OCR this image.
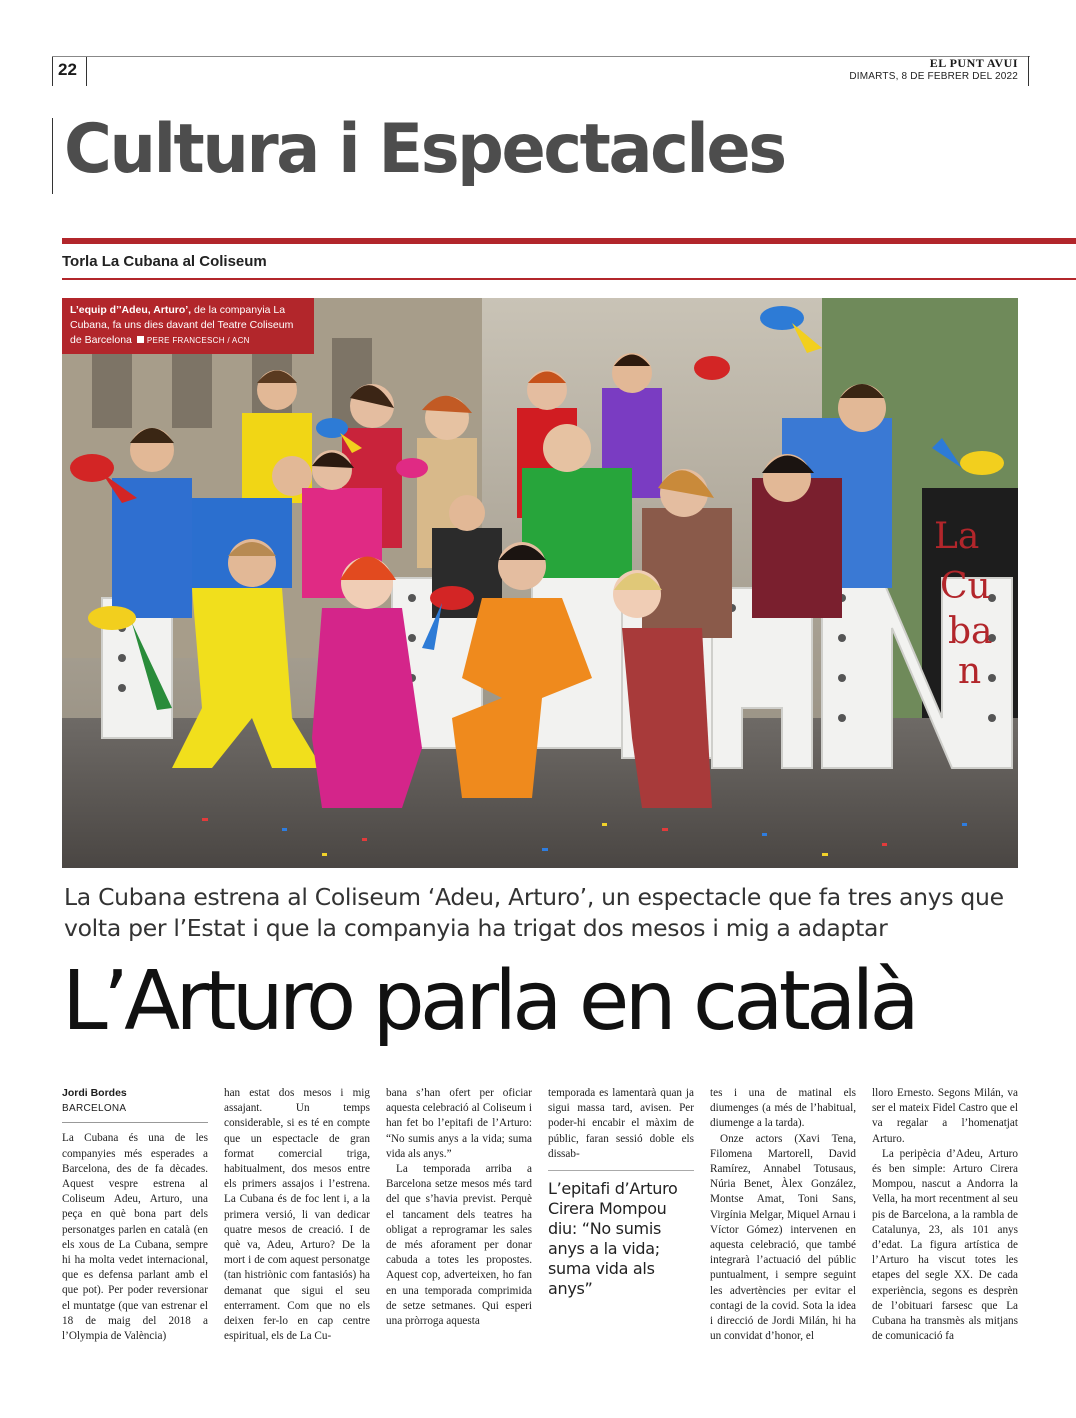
22	EL PUNT AVUI
DIMARTS, 8 DE FEBRER DEL 2022
Cultura i Espectacles
Torla La Cubana al Coliseum
La
Cu
ba
n
L’equip d’'Adeu, Arturo’, de la companyia La Cubana, fa uns dies davant del Teatre Coliseum de Barcelona PERE FRANCESCH / ACN
La Cubana estrena al Coliseum ‘Adeu, Arturo’, un espectacle que fa tres anys que volta per l’Estat i que la companyia ha trigat dos mesos i mig a adaptar
L’Arturo parla en català
Jordi Bordes
BARCELONA

La Cubana és una de les companyies més esperades a Barcelona, des de fa dècades. Aquest vespre estrena al Coliseum Adeu, Arturo, una peça en què bona part dels personatges parlen en català (en els xous de La Cubana, sempre hi ha molta vedet internacional, que es defensa parlant amb el que pot). Per poder reversionar el muntatge (que van estrenar el 18 de maig del 2018 a l’Olympia de València)

han estat dos mesos i mig assajant. Un temps considerable, si es té en compte que un espectacle de gran format comercial triga, habitualment, dos mesos entre els primers assajos i l’estrena. La Cubana és de foc lent i, a la primera versió, li van dedicar quatre mesos de creació. I de què va, Adeu, Arturo? De la mort i de com aquest personatge (tan histriònic com fantasiós) ha demanat que sigui el seu enterrament. Com que no els deixen fer-lo en cap centre espiritual, els de La Cu-

bana s’han ofert per oficiar aquesta celebració al Coliseum i han fet bo l’epitafi de l’Arturo: “No sumis anys a la vida; suma vida als anys.”

La temporada arriba a Barcelona setze mesos més tard del que s’havia previst. Perquè el tancament dels teatres ha obligat a reprogramar les sales de més aforament per donar cabuda a totes les propostes. Aquest cop, adverteixen, ho fan en una temporada comprimida de setze setmanes. Qui esperi una pròrroga aquesta

temporada es lamentarà quan ja sigui massa tard, avisen. Per poder-hi encabir el màxim de públic, faran sessió doble els dissab-

L’epitafi d’Arturo Cirera Mompou diu: “No sumis anys a la vida; suma vida als anys”

tes i una de matinal els diumenges (a més de l’habitual, diumenge a la tarda).

Onze actors (Xavi Tena, Filomena Martorell, David Ramírez, Annabel Totusaus, Núria Benet, Àlex González, Montse Amat, Toni Sans, Virgínia Melgar, Miquel Arnau i Víctor Gómez) intervenen en aquesta celebració, que també integrarà l’actuació del públic puntualment, i sempre seguint les advertències per evitar el contagi de la covid. Sota la idea i direcció de Jordi Milán, hi ha un convidat d’honor, el

lloro Ernesto. Segons Milán, va ser el mateix Fidel Castro que el va regalar a l’homenatjat Arturo.

La peripècia d’Adeu, Arturo és ben simple: Arturo Cirera Mompou, nascut a Andorra la Vella, ha mort recentment al seu pis de Barcelona, a la rambla de Catalunya, 23, als 101 anys d’edat. La figura artística de l’Arturo ha viscut totes les etapes del segle XX. De cada experiència, segons es desprèn de l’obituari farsesc que La Cubana ha transmès als mitjans de comunicació fa
